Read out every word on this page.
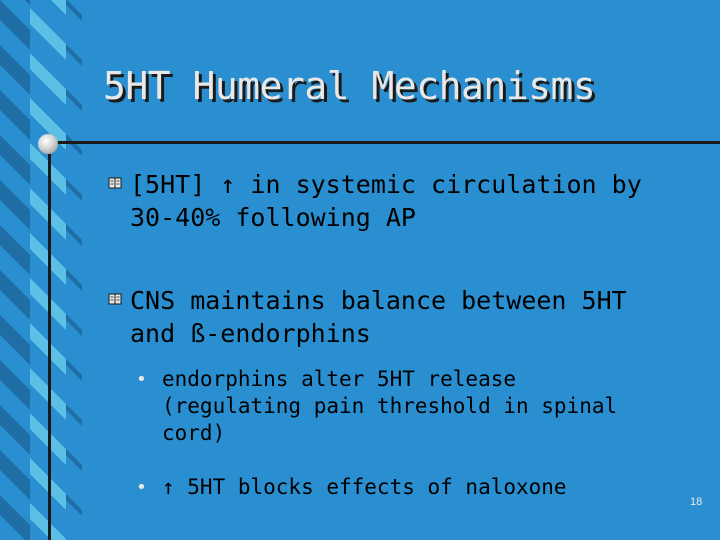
5HT Humeral Mechanisms
[5HT] ↑ in systemic circulation by
30-40% following AP
CNS maintains balance between 5HT
and ß-endorphins
• endorphins alter 5HT release (regulating pain threshold in spinal cord)
• ↑ 5HT blocks effects of naloxone
18
